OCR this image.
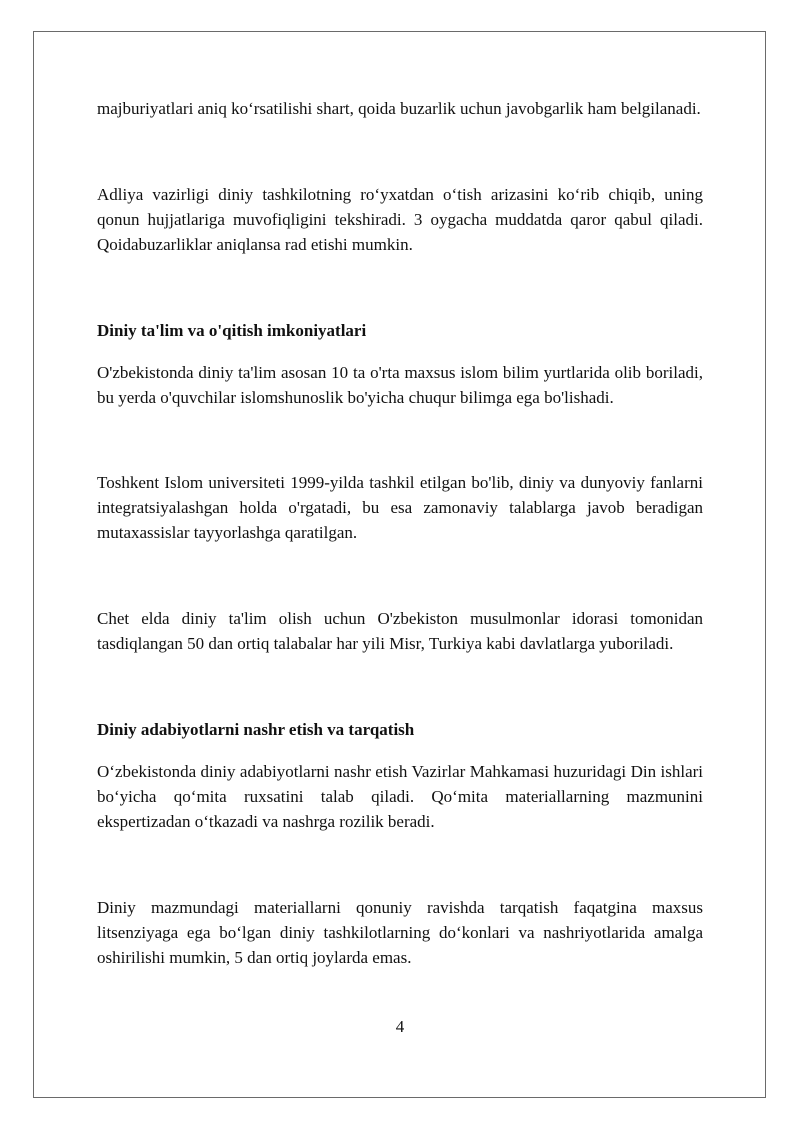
majburiyatlari aniq ko‘rsatilishi shart, qoida buzarlik uchun javobgarlik ham belgilanadi.

Adliya vazirligi diniy tashkilotning ro‘yxatdan o‘tish arizasini ko‘rib chiqib, uning qonun hujjatlariga muvofiqligini tekshiradi. 3 oygacha muddatda qaror qabul qiladi. Qoidabuzarliklar aniqlansa rad etishi mumkin.

Diniy ta'lim va o'qitish imkoniyatlari

O'zbekistonda diniy ta'lim asosan 10 ta o'rta maxsus islom bilim yurtlarida olib boriladi, bu yerda o'quvchilar islomshunoslik bo'yicha chuqur bilimga ega bo'lishadi.

Toshkent Islom universiteti 1999-yilda tashkil etilgan bo'lib, diniy va dunyoviy fanlarni integratsiyalashgan holda o'rgatadi, bu esa zamonaviy talablarga javob beradigan mutaxassislar tayyorlashga qaratilgan.

Chet elda diniy ta'lim olish uchun O'zbekiston musulmonlar idorasi tomonidan tasdiqlangan 50 dan ortiq talabalar har yili Misr, Turkiya kabi davlatlarga yuboriladi.

Diniy adabiyotlarni nashr etish va tarqatish

O‘zbekistonda diniy adabiyotlarni nashr etish Vazirlar Mahkamasi huzuridagi Din ishlari bo‘yicha qo‘mita ruxsatini talab qiladi. Qo‘mita materiallarning mazmunini ekspertizadan o‘tkazadi va nashrga rozilik beradi.

Diniy mazmundagi materiallarni qonuniy ravishda tarqatish faqatgina maxsus litsenziyaga ega bo‘lgan diniy tashkilotlarning do‘konlari va nashriyotlarida amalga oshirilishi mumkin, 5 dan ortiq joylarda emas.

4
